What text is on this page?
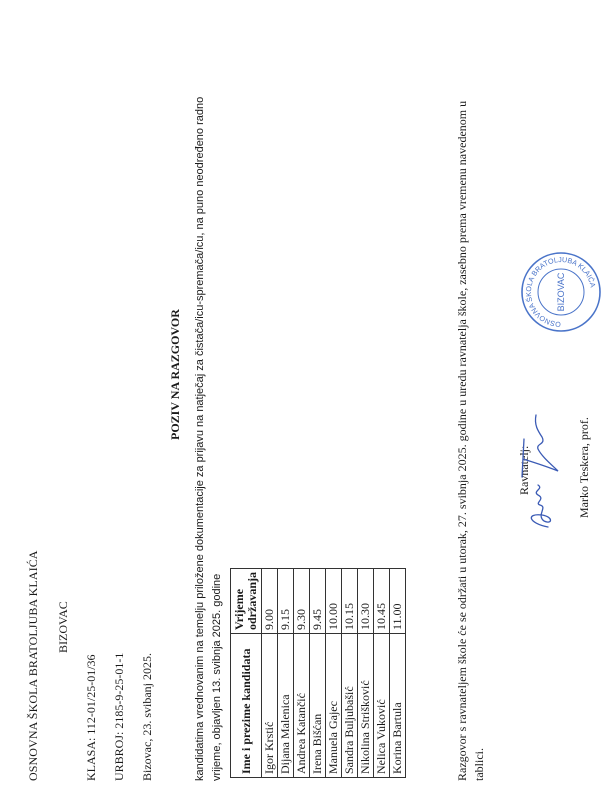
OSNOVNA ŠKOLA BRATOLJUBA KLAIĆA BIZOVAC
KLASA: 112-01/25-01/36 URBROJ: 2185-9-25-01-1 Bizovac, 23. svibanj 2025.
POZIV NA RAZGOVOR kandidatima vrednovanim na temelju priložene dokumentacije za prijavu na natječaj za čistača/icu-spremača/icu, na puno neodređeno radno vrijeme, objavljen 13. svibnja 2025. godine Ime i prezime kandidata	Vrijeme održavanja
Igor Krstić	9.00
Dijana Malenica	9.15
Andrea Katančić	9.30
Irena Bišćan	9.45
Manuela Gajec	10.00
Sandra Buljubašić	10.15
Nikolina Strišković	10.30
Nelica Vuković	10.45
Korina Bartula	11.00	Razgovor s ravnateljem škole će se održati u utorak, 27. svibnja 2025. godine u uredu ravnatelja škole, zasebno prema vremenu navedenom u tablici.
Ravnatelj:	Marko Teskera, prof.
OSNOVNA ŠKOLA BRATOLJUBA KLAIĆA
BIZOVAC
